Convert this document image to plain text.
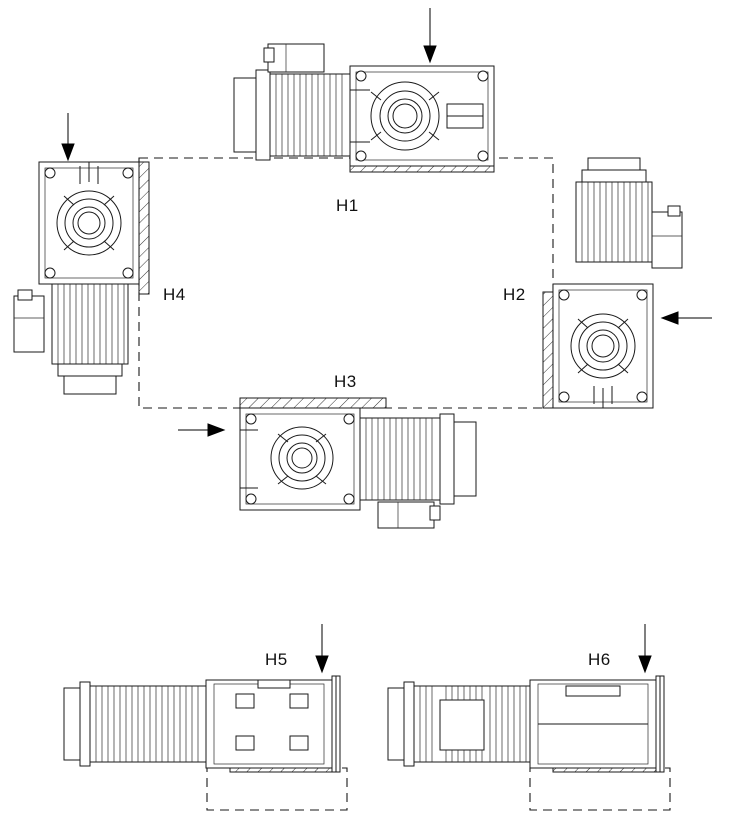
H1
H4	H2
H3
H5	H6
